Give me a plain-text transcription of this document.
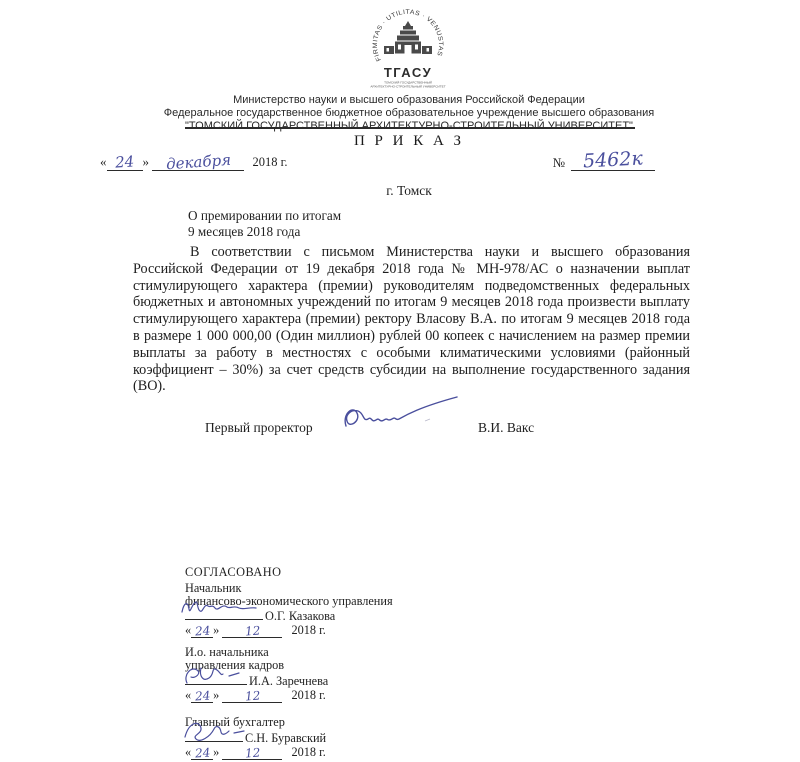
FIRMITAS · UTILITAS · VENUSTAS
ТГАСУ
ТОМСКИЙ ГОСУДАРСТВЕННЫЙ
АРХИТЕКТУРНО-СТРОИТЕЛЬНЫЙ УНИВЕРСИТЕТ
Министерство науки и высшего образования Российской Федерации
Федеральное государственное бюджетное образовательное учреждение высшего образования
"ТОМСКИЙ ГОСУДАРСТВЕННЫЙ АРХИТЕКТУРНО-СТРОИТЕЛЬНЫЙ УНИВЕРСИТЕТ"
П Р И К А З
« 24 » декабря 2018 г.	№ 5462к
г. Томск
О премировании по итогам
9 месяцев 2018 года
В соответствии с письмом Министерства науки и высшего образования Российской Федерации от 19 декабря 2018 года № МН-978/АС о назначении выплат стимулирующего характера (премии) руководителям подведомственных федеральных бюджетных и автономных учреждений по итогам 9 месяцев 2018 года произвести выплату стимулирующего характера (премии) ректору Власову В.А. по итогам 9 месяцев 2018 года в размере 1 000 000,00 (Один миллион) рублей 00 копеек с начислением на размер премии выплаты за работу в местностях с особыми климатическими условиями (районный коэффициент – 30%) за счет средств субсидии на выполнение государственного задания (ВО).
Первый проректор	В.И. Вакс
СОГЛАСОВАНО
Начальник
финансово-экономического управления
О.Г. Казакова
« 24 » 12	2018 г.
И.о. начальника
управления кадров
И.А. Заречнева
« 24 » 12	2018 г.
Главный бухгалтер
С.Н. Буравский
« 24 » 12	2018 г.
